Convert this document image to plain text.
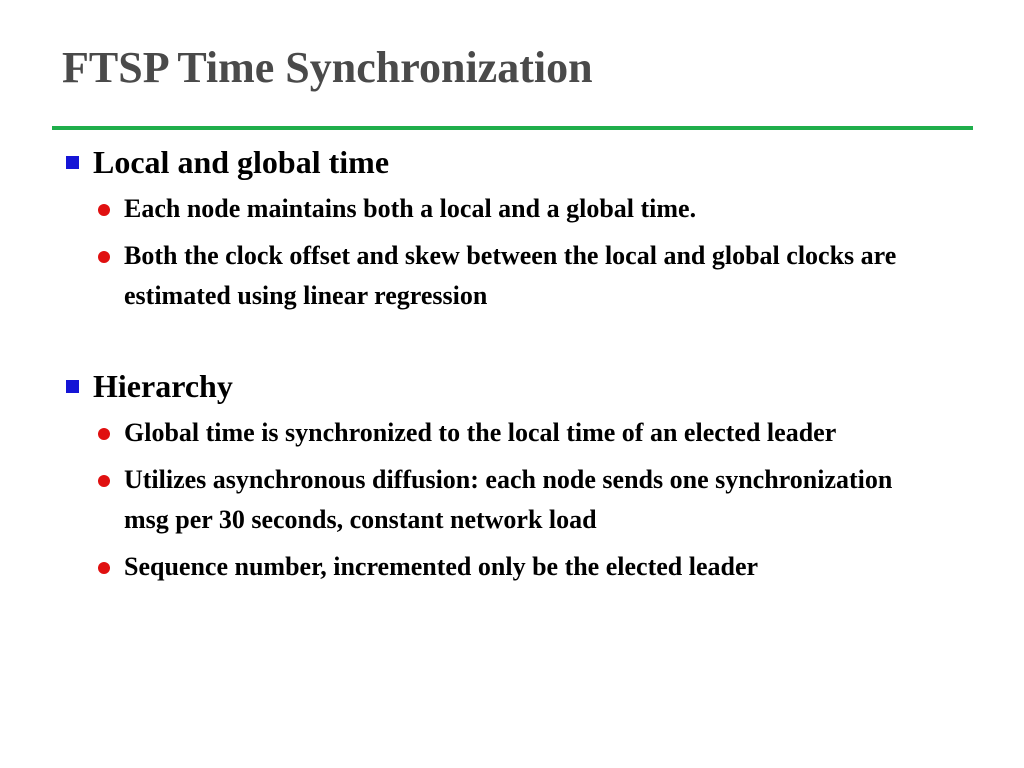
FTSP Time Synchronization
Local and global time
Each node maintains both a local and a global time.
Both the clock offset and skew between the local and global clocks are estimated using linear regression
Hierarchy
Global time is synchronized to the local time of an elected leader
Utilizes asynchronous diffusion: each node sends one synchronization msg per 30 seconds, constant network load
Sequence number, incremented only be the elected leader
